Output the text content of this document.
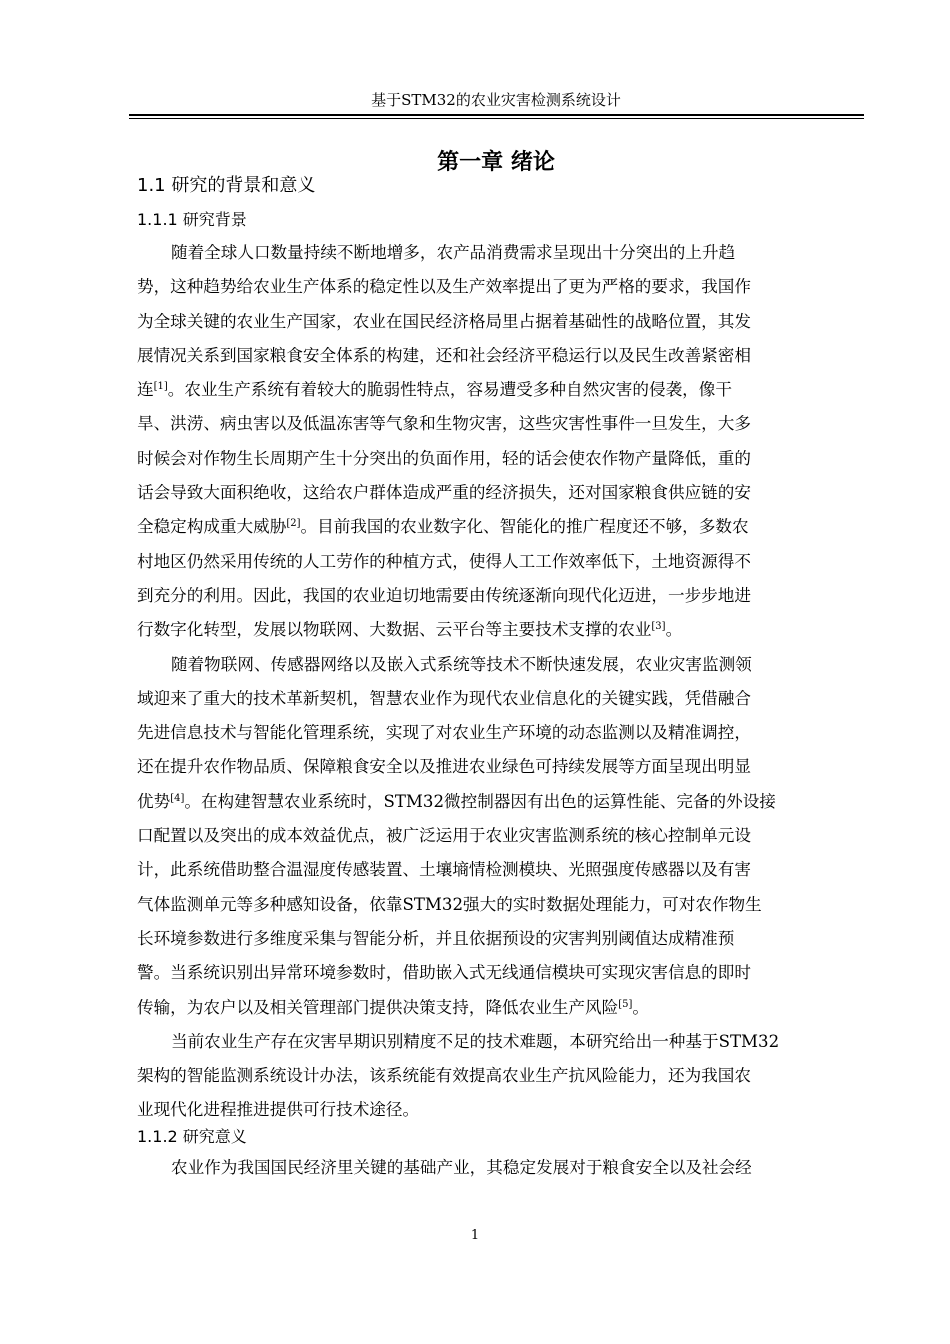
基于STM32的农业灾害检测系统设计
第一章 绪论
1.1 研究的背景和意义
1.1.1 研究背景
随着全球人口数量持续不断地增多，农产品消费需求呈现出十分突出的上升趋
势，这种趋势给农业生产体系的稳定性以及生产效率提出了更为严格的要求，我国作
为全球关键的农业生产国家，农业在国民经济格局里占据着基础性的战略位置，其发
展情况关系到国家粮食安全体系的构建，还和社会经济平稳运行以及民生改善紧密相
连[1]。农业生产系统有着较大的脆弱性特点，容易遭受多种自然灾害的侵袭，像干
旱、洪涝、病虫害以及低温冻害等气象和生物灾害，这些灾害性事件一旦发生，大多
时候会对作物生长周期产生十分突出的负面作用，轻的话会使农作物产量降低，重的
话会导致大面积绝收，这给农户群体造成严重的经济损失，还对国家粮食供应链的安
全稳定构成重大威胁[2]。目前我国的农业数字化、智能化的推广程度还不够，多数农
村地区仍然采用传统的人工劳作的种植方式，使得人工工作效率低下，土地资源得不
到充分的利用。因此，我国的农业迫切地需要由传统逐渐向现代化迈进，一步步地进
行数字化转型，发展以物联网、大数据、云平台等主要技术支撑的农业[3]。
随着物联网、传感器网络以及嵌入式系统等技术不断快速发展，农业灾害监测领
域迎来了重大的技术革新契机，智慧农业作为现代农业信息化的关键实践，凭借融合
先进信息技术与智能化管理系统，实现了对农业生产环境的动态监测以及精准调控，
还在提升农作物品质、保障粮食安全以及推进农业绿色可持续发展等方面呈现出明显
优势[4]。在构建智慧农业系统时，STM32微控制器因有出色的运算性能、完备的外设接
口配置以及突出的成本效益优点，被广泛运用于农业灾害监测系统的核心控制单元设
计，此系统借助整合温湿度传感装置、土壤墒情检测模块、光照强度传感器以及有害
气体监测单元等多种感知设备，依靠STM32强大的实时数据处理能力，可对农作物生
长环境参数进行多维度采集与智能分析，并且依据预设的灾害判别阈值达成精准预
警。当系统识别出异常环境参数时，借助嵌入式无线通信模块可实现灾害信息的即时
传输，为农户以及相关管理部门提供决策支持，降低农业生产风险[5]。
当前农业生产存在灾害早期识别精度不足的技术难题，本研究给出一种基于STM32
架构的智能监测系统设计办法，该系统能有效提高农业生产抗风险能力，还为我国农
业现代化进程推进提供可行技术途径。
1.1.2 研究意义
农业作为我国国民经济里关键的基础产业，其稳定发展对于粮食安全以及社会经
1
